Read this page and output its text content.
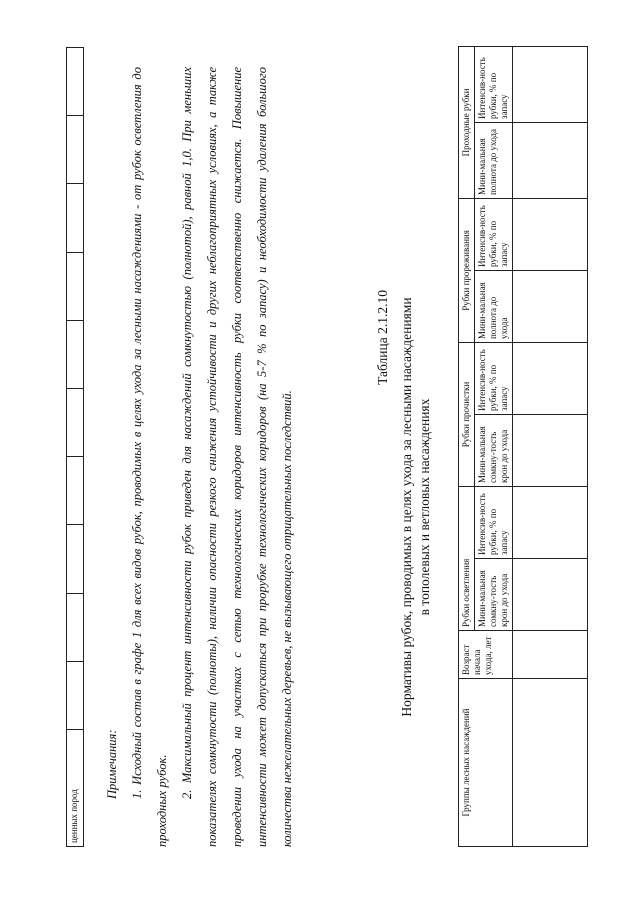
ценных пород										

Примечания: 1. Исходный состав в графе 1 для всех видов рубок, проводимых в целях ухода за лесными насаждениями - от рубок осветления до проходных рубок.

2. Максимальный процент интенсивности рубок приведен для насаждений сомкнутостью (полнотой), равной 1,0. При меньших показателях сомкнутости (полноты), наличии опасности резкого снижения устойчивости и других неблагоприятных условиях, а также проведении ухода на участках с сетью технологических коридоров интенсивность рубки соответственно снижается. Повышение интенсивности может допускаться при прорубке технологических коридоров (на 5-7 % по запасу) и необходимости удаления большого количества нежелательных деревьев, не вызывающего отрицательных последствий.

Таблица 2.1.2.10 Нормативы рубок, проводимых в целях ухода за лесными насаждениями в тополевых и ветловых насаждениях
Группы лесных насаждений	Возраст начала ухода, лет	Рубки осветления		Рубки прочистки		Рубки прореживания		Проходные рубки	
		Мини-мальная сомкну-тость крон до ухода	Интенсив-ность рубки, % по запасу	Мини-мальная сомкну-тость крон до ухода	Интенсив-ность рубки, % по запасу	Мини-мальная полнота до ухода	Интенсив-ность рубки, % по запасу	Мини-мальная полнота до ухода	Интенсив-ность рубки, % по запасу
